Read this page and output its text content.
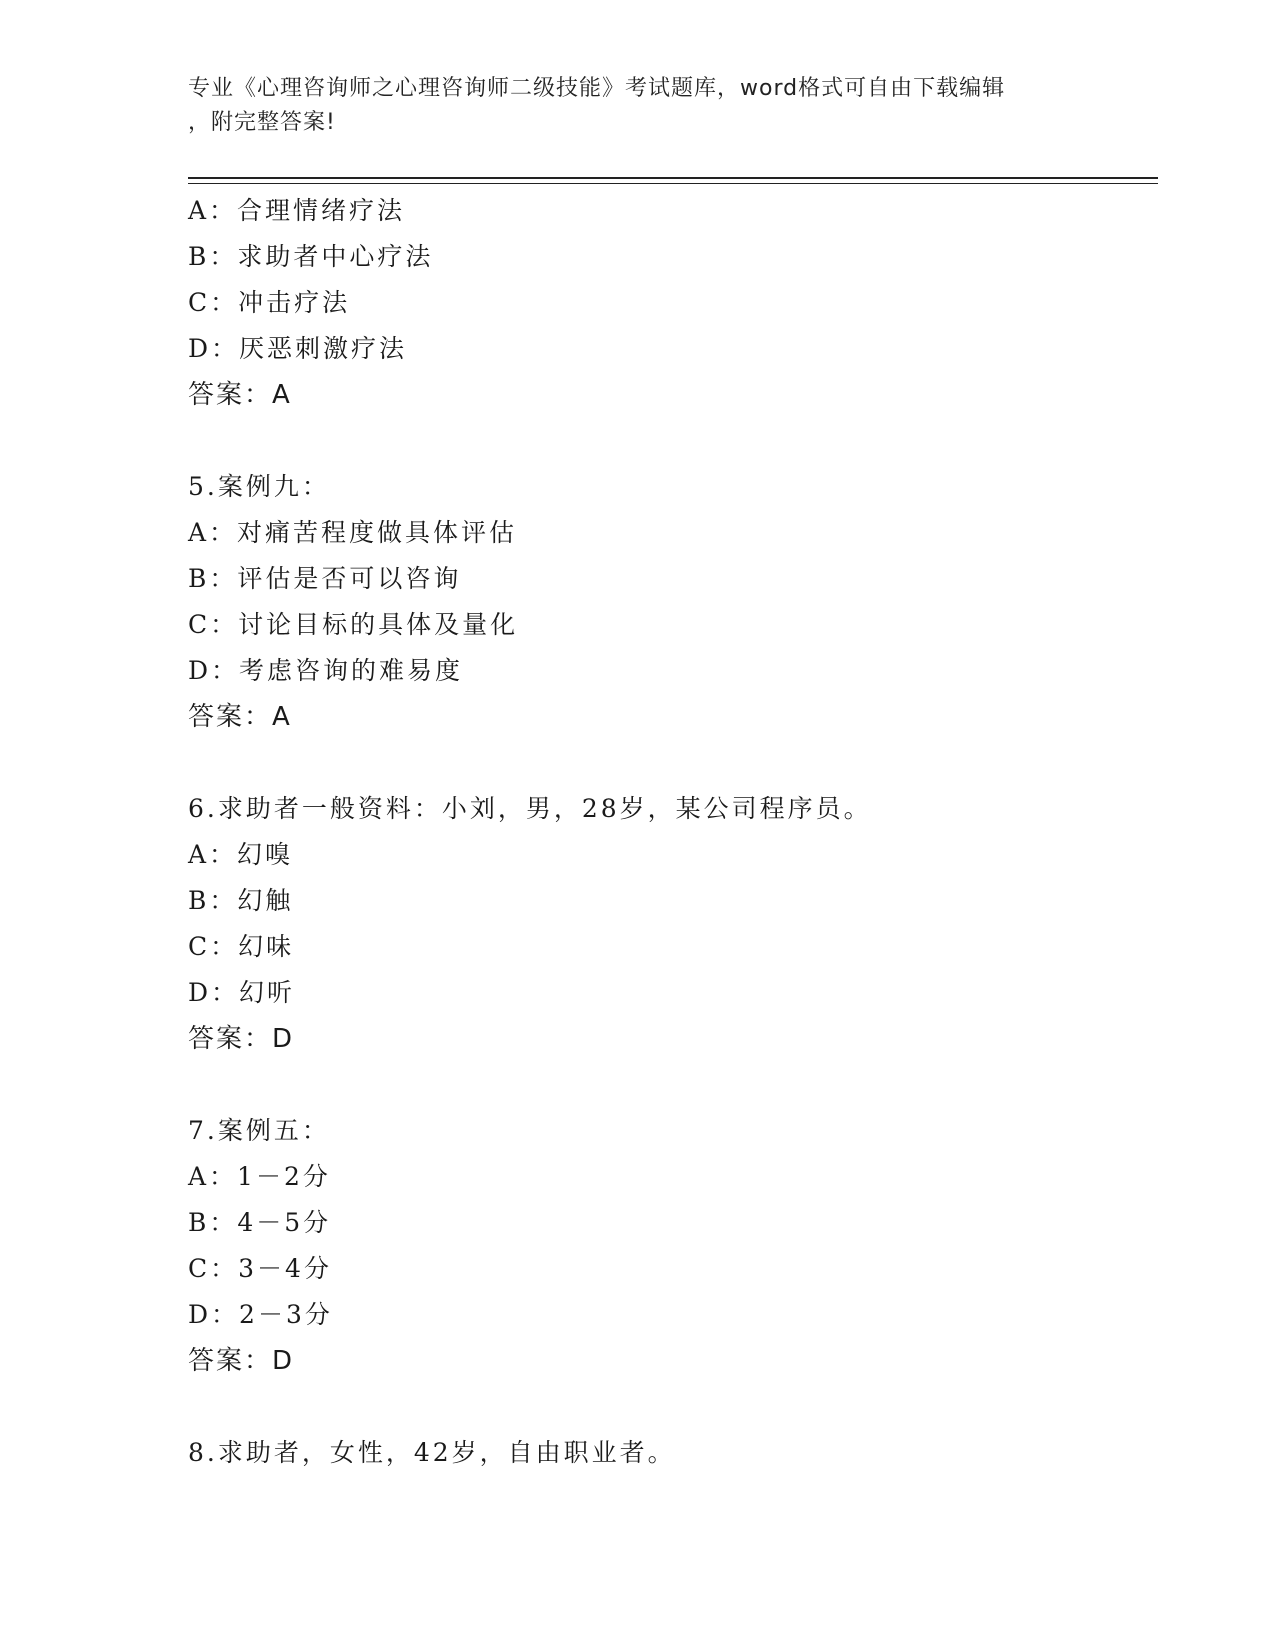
专业《心理咨询师之心理咨询师二级技能》考试题库，word格式可自由下载编辑
，附完整答案!
A：合理情绪疗法
B：求助者中心疗法
C：冲击疗法
D：厌恶刺激疗法
答案：A
5.案例九：
A：对痛苦程度做具体评估
B：评估是否可以咨询
C：讨论目标的具体及量化
D：考虑咨询的难易度
答案：A
6.求助者一般资料：小刘，男，28岁，某公司程序员。
A：幻嗅
B：幻触
C：幻味
D：幻听
答案：D
7.案例五：
A：1－2分
B：4－5分
C：3－4分
D：2－3分
答案：D
8.求助者，女性，42岁，自由职业者。
